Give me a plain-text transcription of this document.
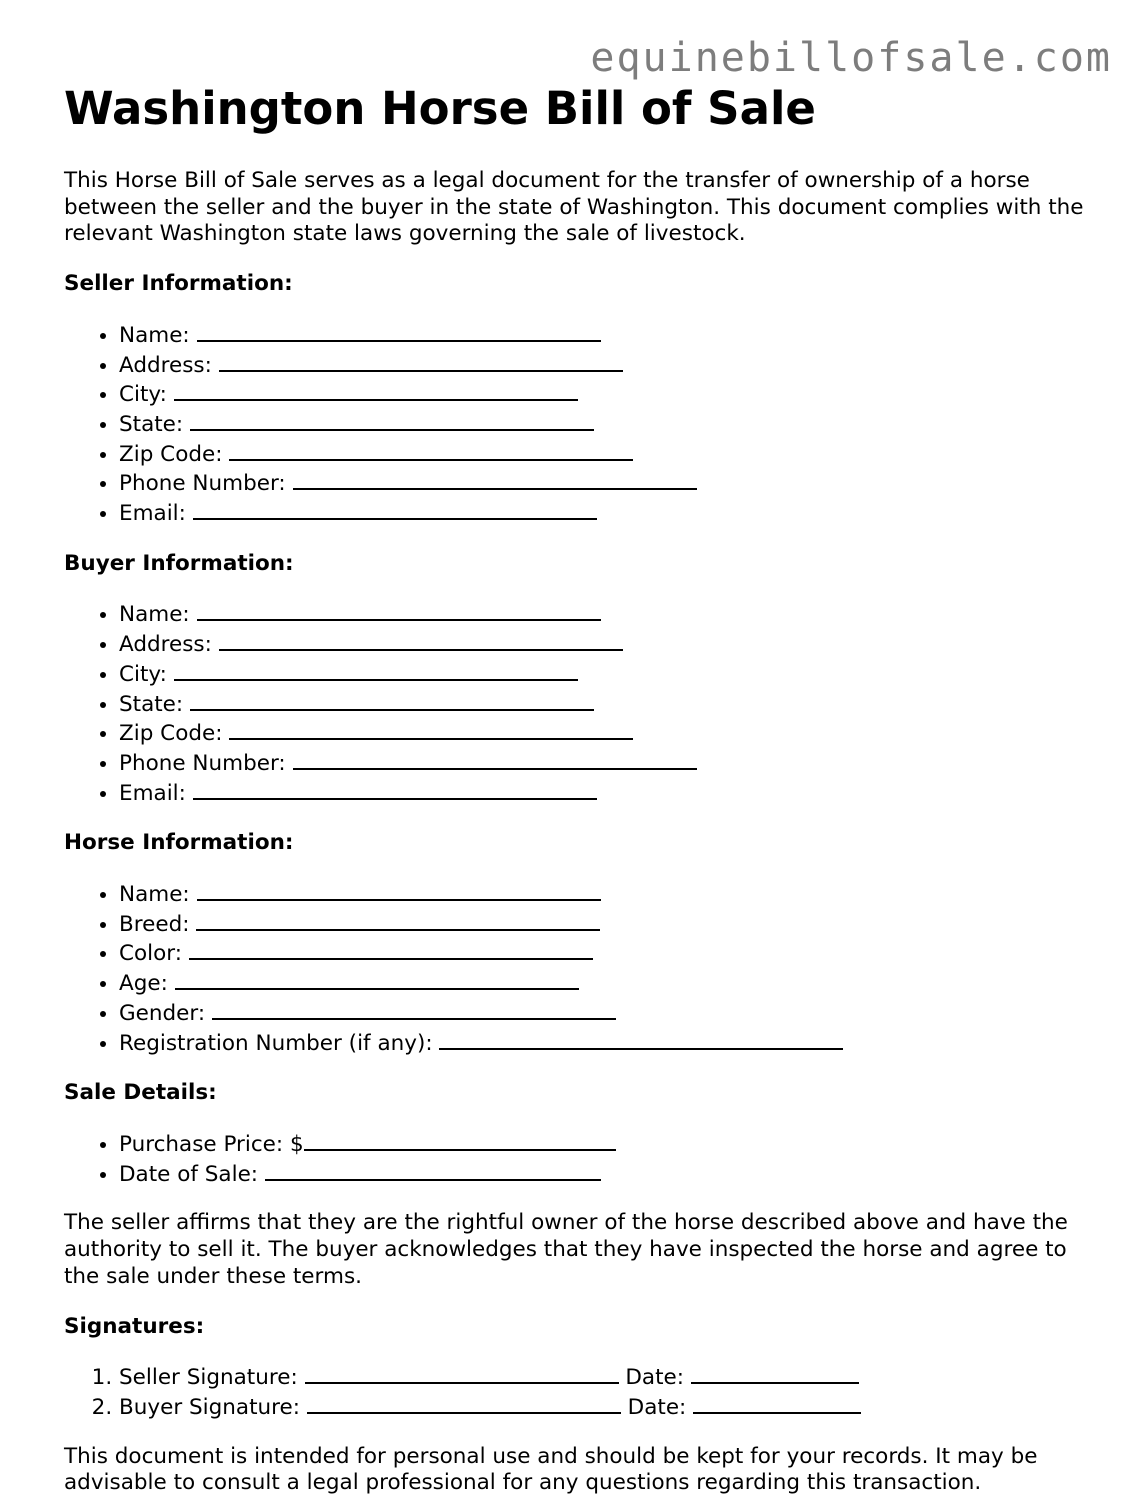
equinebillofsale.com
Washington Horse Bill of Sale

This Horse Bill of Sale serves as a legal document for the transfer of ownership of a horse between the seller and the buyer in the state of Washington. This document complies with the relevant Washington state laws governing the sale of livestock.

Seller Information:
• Name:
• Address:
• City:
• State:
• Zip Code:
• Phone Number:
• Email:
Buyer Information:
• Name:
• Address:
• City:
• State:
• Zip Code:
• Phone Number:
• Email:
Horse Information:
• Name:
• Breed:
• Color:
• Age:
• Gender:
• Registration Number (if any):
Sale Details:
• Purchase Price: $
• Date of Sale:

The seller affirms that they are the rightful owner of the horse described above and have the authority to sell it. The buyer acknowledges that they have inspected the horse and agree to the sale under these terms.

Signatures:
1. Seller Signature:	Date:
2. Buyer Signature:	Date:

This document is intended for personal use and should be kept for your records. It may be advisable to consult a legal professional for any questions regarding this transaction.
